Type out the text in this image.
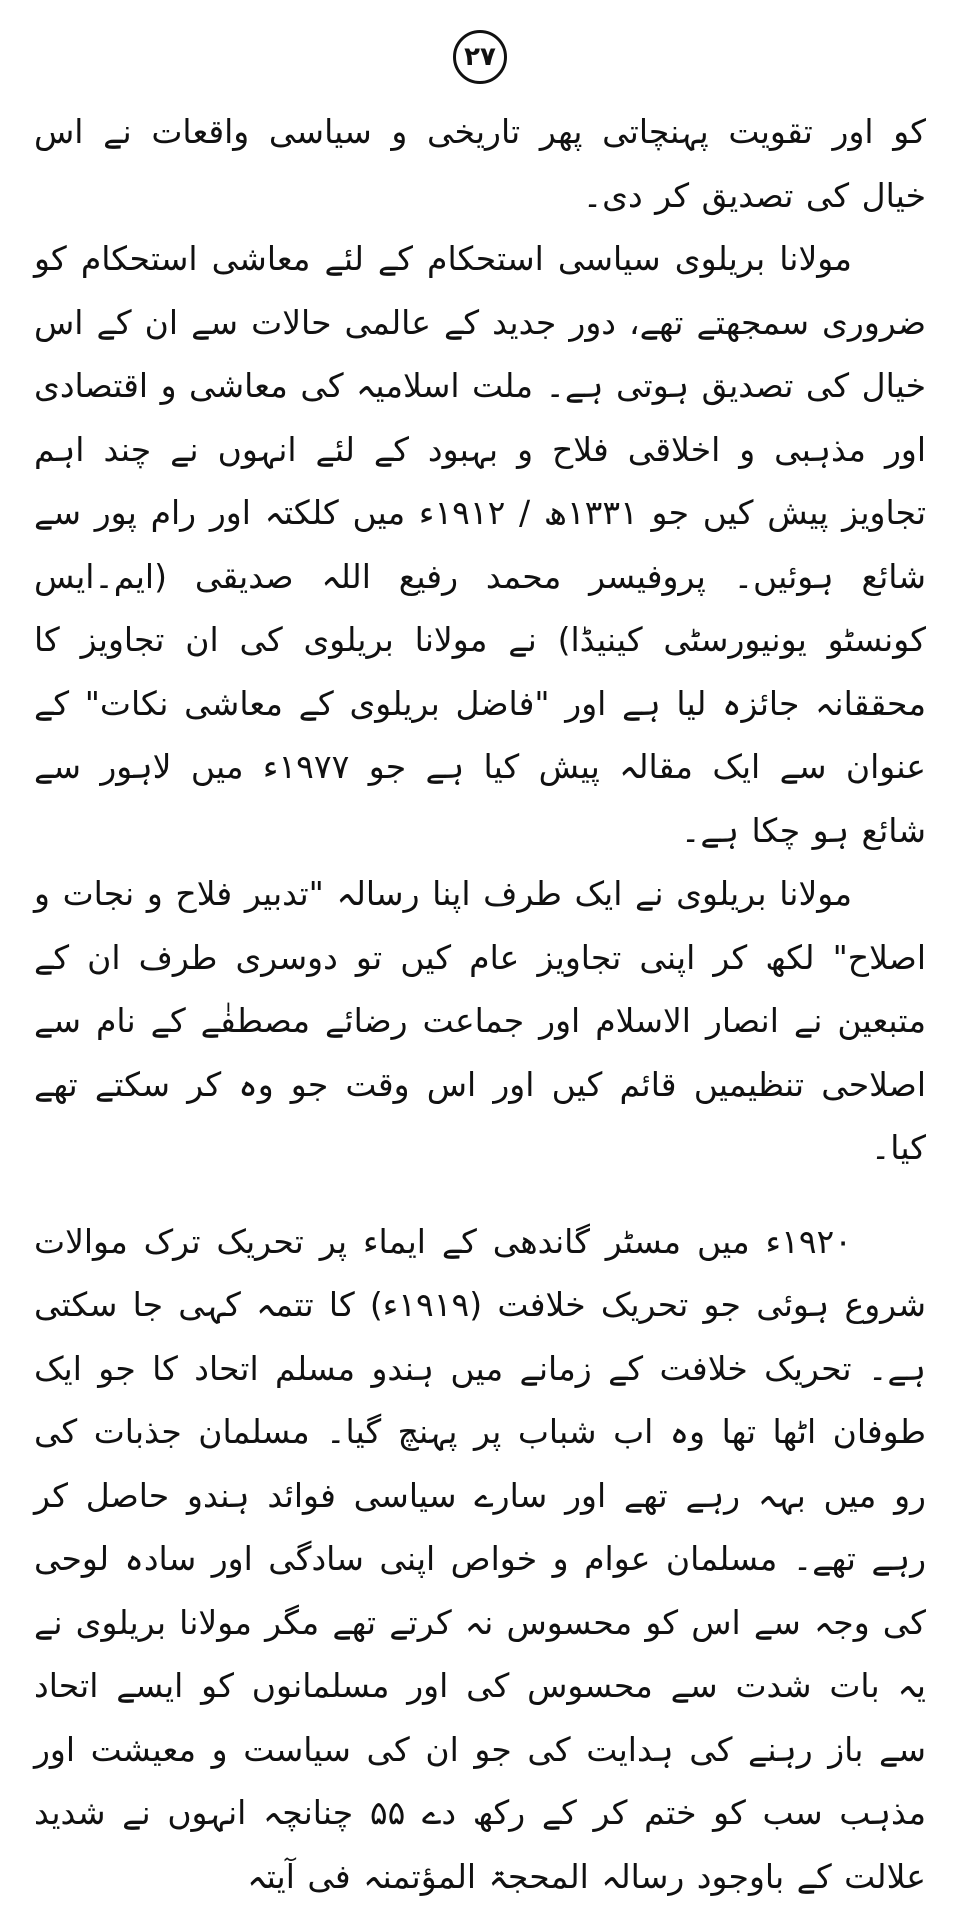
۲۷

کو اور تقویت پہنچاتی پھر تاریخی و سیاسی واقعات نے اس خیال کی تصدیق کر دی۔

مولانا بریلوی سیاسی استحکام کے لئے معاشی استحکام کو ضروری سمجھتے تھے، دور جدید کے عالمی حالات سے ان کے اس خیال کی تصدیق ہوتی ہے۔ ملت اسلامیہ کی معاشی و اقتصادی اور مذہبی و اخلاقی فلاح و بہبود کے لئے انہوں نے چند اہم تجاویز پیش کیں جو ۱۳۳۱ھ / ۱۹۱۲ء میں کلکتہ اور رام پور سے شائع ہوئیں۔ پروفیسر محمد رفیع اللہ صدیقی (ایم۔ایس کونسٹو یونیورسٹی کینیڈا) نے مولانا بریلوی کی ان تجاویز کا محققانہ جائزہ لیا ہے اور "فاضل بریلوی کے معاشی نکات" کے عنوان سے ایک مقالہ پیش کیا ہے جو ۱۹۷۷ء میں لاہور سے شائع ہو چکا ہے۔

مولانا بریلوی نے ایک طرف اپنا رسالہ "تدبیر فلاح و نجات و اصلاح" لکھ کر اپنی تجاویز عام کیں تو دوسری طرف ان کے متبعین نے انصار الاسلام اور جماعت رضائے مصطفٰے کے نام سے اصلاحی تنظیمیں قائم کیں اور اس وقت جو وہ کر سکتے تھے کیا۔

۱۹۲۰ء میں مسٹر گاندھی کے ایماء پر تحریک ترک موالات شروع ہوئی جو تحریک خلافت (۱۹۱۹ء) کا تتمہ کہی جا سکتی ہے۔ تحریک خلافت کے زمانے میں ہندو مسلم اتحاد کا جو ایک طوفان اٹھا تھا وہ اب شباب پر پہنچ گیا۔ مسلمان جذبات کی رو میں بہہ رہے تھے اور سارے سیاسی فوائد ہندو حاصل کر رہے تھے۔ مسلمان عوام و خواص اپنی سادگی اور سادہ لوحی کی وجہ سے اس کو محسوس نہ کرتے تھے مگر مولانا بریلوی نے یہ بات شدت سے محسوس کی اور مسلمانوں کو ایسے اتحاد سے باز رہنے کی ہدایت کی جو ان کی سیاست و معیشت اور مذہب سب کو ختم کر کے رکھ دے ۵۵ چنانچہ انہوں نے شدید علالت کے باوجود رسالہ المحجۃ المؤتمنہ فی آیتہ
